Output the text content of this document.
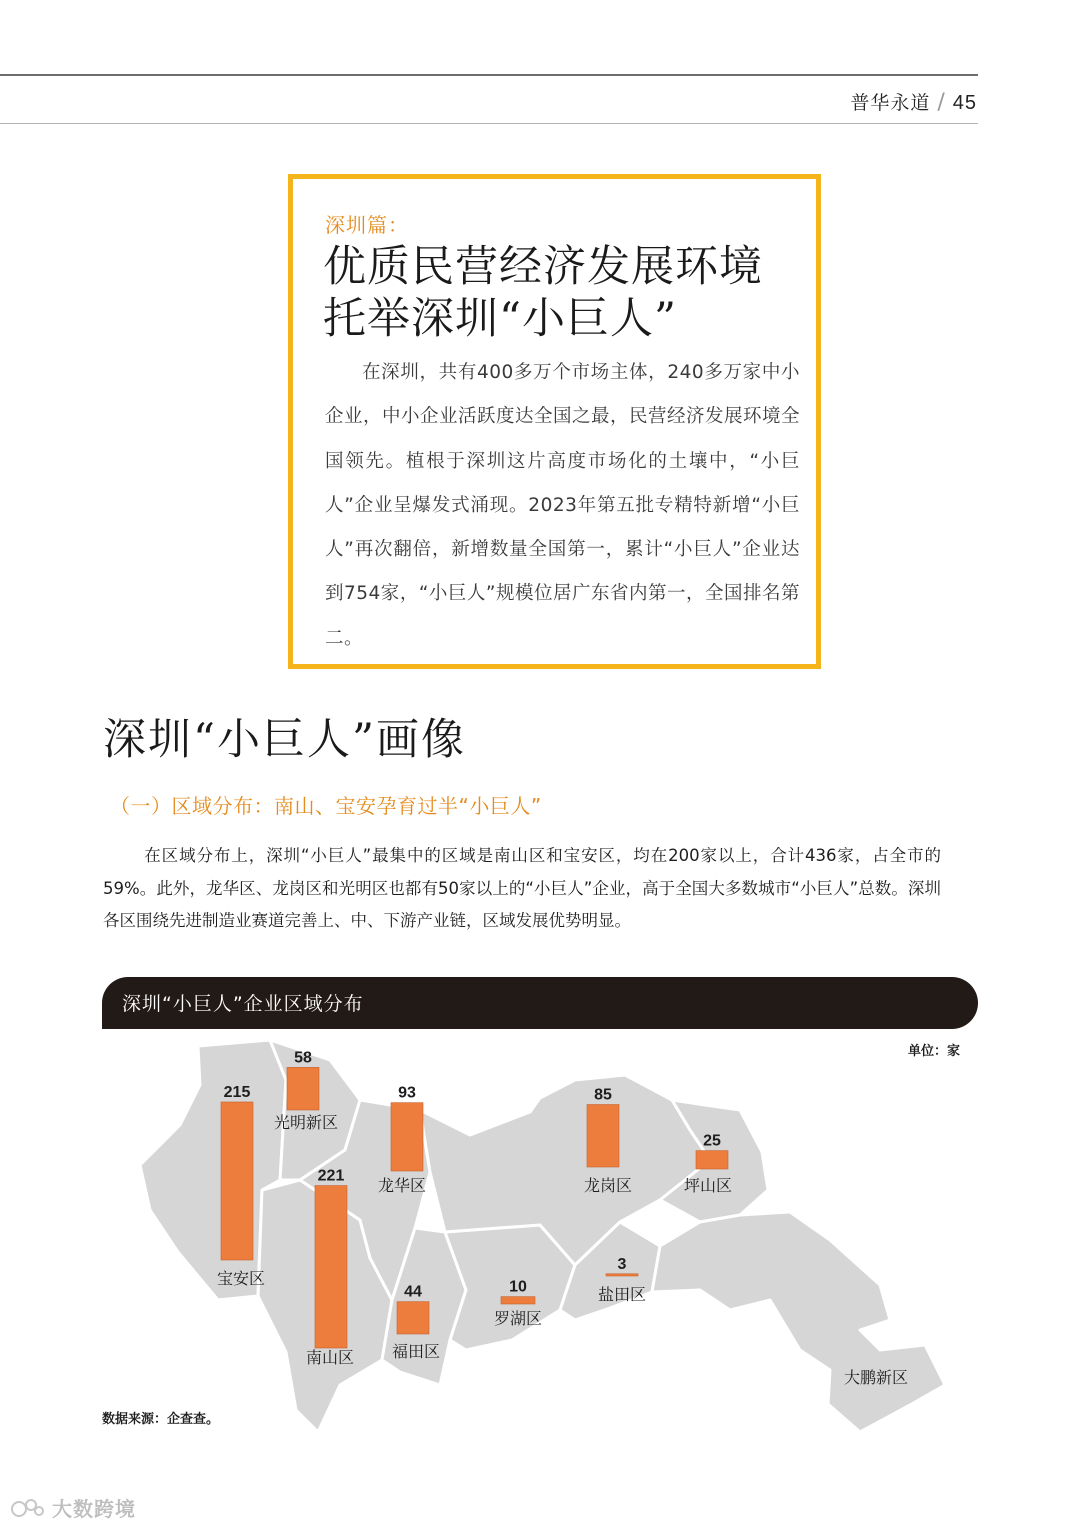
普华永道 / 45
深圳篇：
优质民营经济发展环境
托举深圳“小巨人”
在深圳，共有400多万个市场主体，240多万家中小企业，中小企业活跃度达全国之最，民营经济发展环境全国领先。植根于深圳这片高度市场化的土壤中，“小巨人”企业呈爆发式涌现。2023年第五批专精特新增“小巨人”再次翻倍，新增数量全国第一，累计“小巨人”企业达到754家，“小巨人”规模位居广东省内第一，全国排名第二。
深圳“小巨人”画像
（一）区域分布：南山、宝安孕育过半“小巨人”
在区域分布上，深圳“小巨人”最集中的区域是南山区和宝安区，均在200家以上，合计436家，占全市的59%。此外，龙华区、龙岗区和光明区也都有50家以上的“小巨人”企业，高于全国大多数城市“小巨人”总数。深圳各区围绕先进制造业赛道完善上、中、下游产业链，区域发展优势明显。
215
宝安区
58
光明新区
221
南山区
93
龙华区
44
福田区
10
罗湖区
85
龙岗区
3
盐田区
25
坪山区
大鹏新区
深圳“小巨人”企业区域分布
单位：家
数据来源：企查查。
大数跨境
